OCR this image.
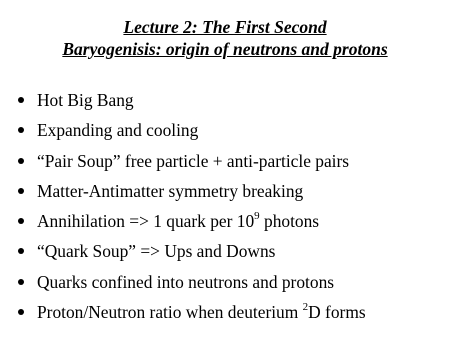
Lecture 2: The First Second
Baryogenisis: origin of neutrons and protons
Hot Big Bang
Expanding and cooling
“Pair Soup” free particle + anti-particle pairs
Matter-Antimatter symmetry breaking
Annihilation => 1 quark per $10^9$ photons
“Quark Soup” => Ups and Downs
Quarks confined into neutrons and protons
Proton/Neutron ratio when deuterium $^2$D forms
